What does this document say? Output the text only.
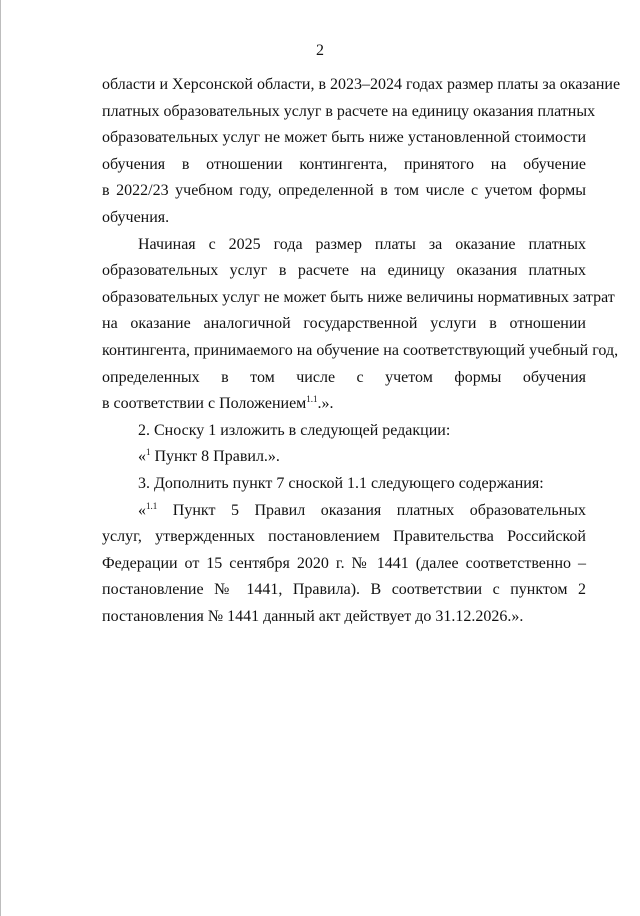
2
области и Херсонской области, в 2023–2024 годах размер платы за оказание
платных образовательных услуг в расчете на единицу оказания платных
образовательных услуг не может быть ниже установленной стоимости
обучения в отношении контингента, принятого на обучение
в 2022/23 учебном году, определенной в том числе с учетом формы
обучения.
Начиная с 2025 года размер платы за оказание платных
образовательных услуг в расчете на единицу оказания платных
образовательных услуг не может быть ниже величины нормативных затрат
на оказание аналогичной государственной услуги в отношении
контингента, принимаемого на обучение на соответствующий учебный год,
определенных в том числе с учетом формы обучения
в соответствии с Положением$^{1.1}$.».
2. Сноску 1 изложить в следующей редакции:
«$^1$ Пункт 8 Правил.».
3. Дополнить пункт 7 сноской 1.1 следующего содержания:
«$^{1.1}$ Пункт 5 Правил оказания платных образовательных
услуг, утвержденных постановлением Правительства Российской
Федерации от 15 сентября 2020 г. № 1441 (далее соответственно –
постановление № 1441, Правила). В соответствии с пунктом 2
постановления № 1441 данный акт действует до 31.12.2026.».
